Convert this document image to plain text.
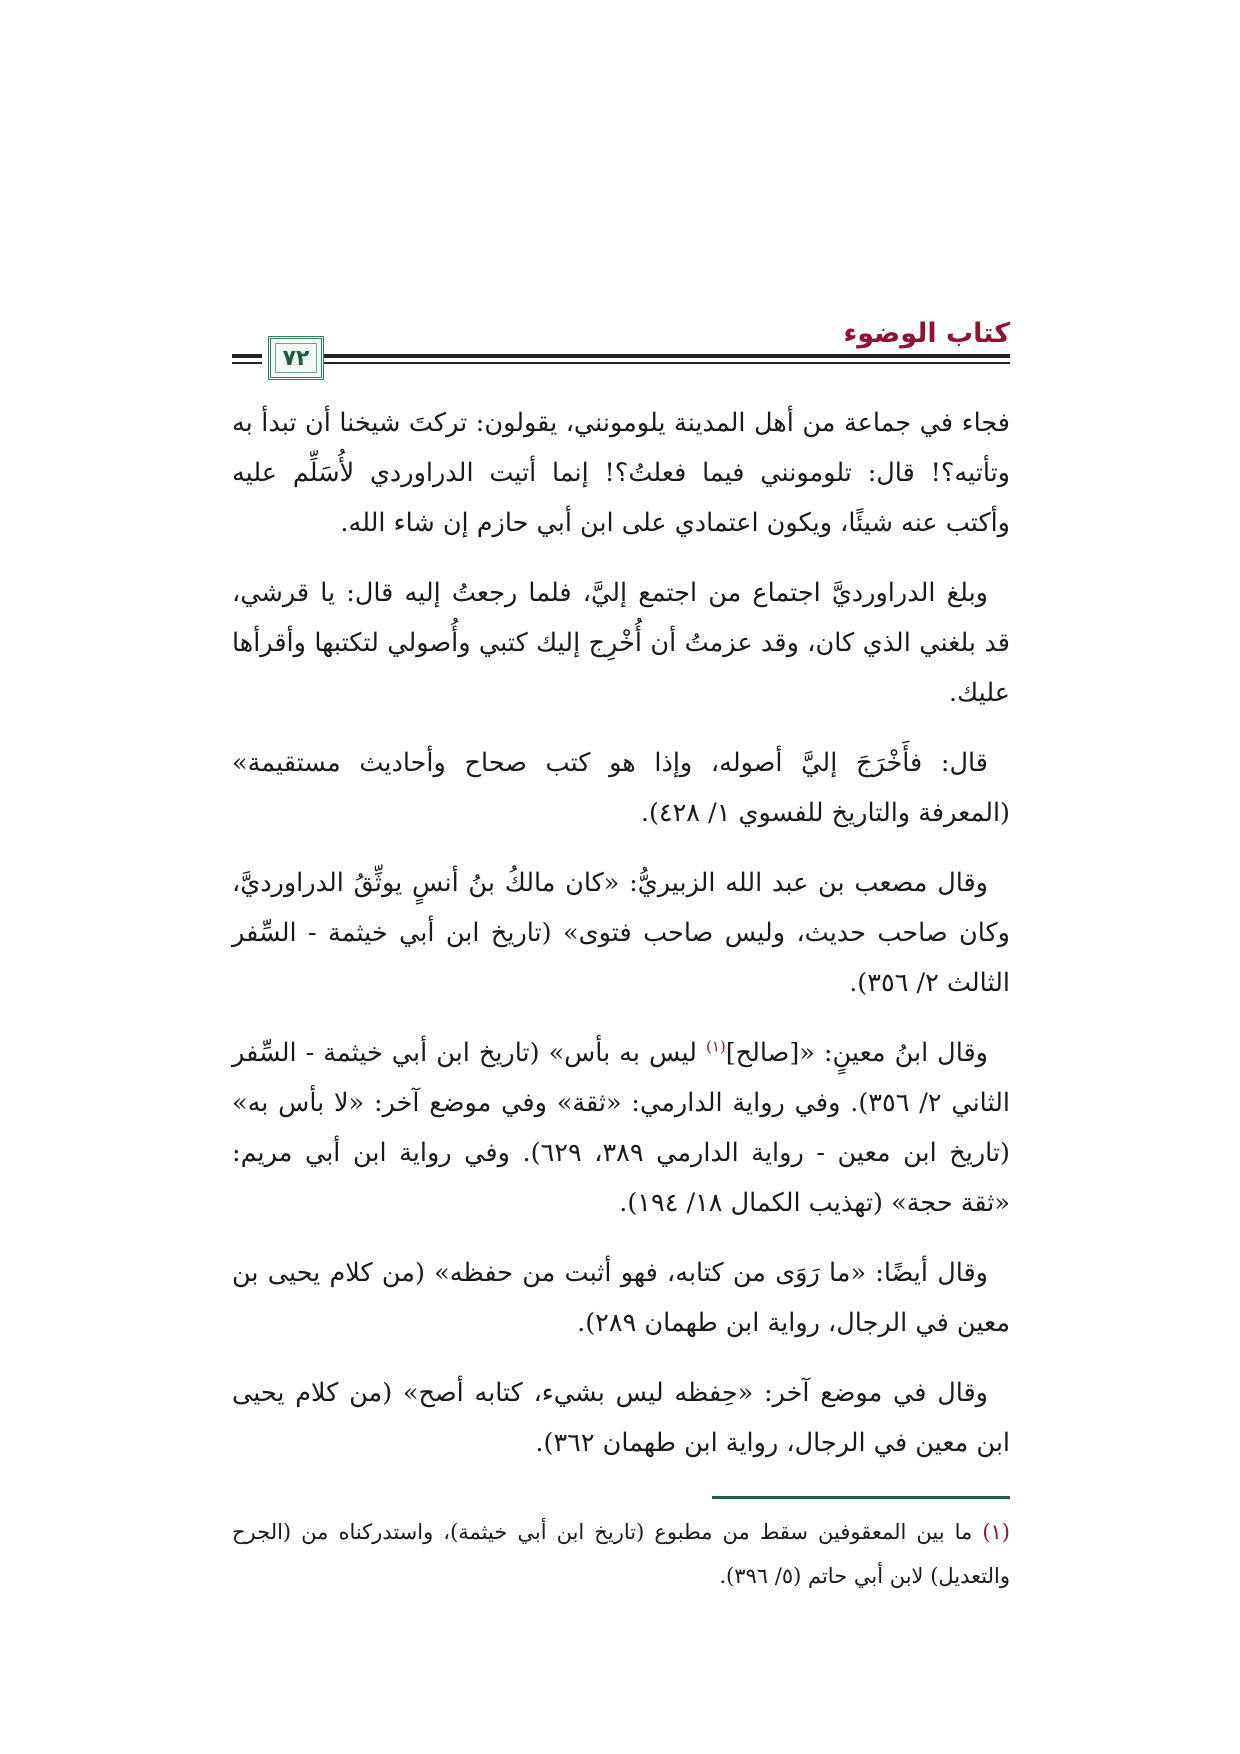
كتاب الوضوء
٧٢

فجاء في جماعة من أهل المدينة يلومونني، يقولون: تركتَ شيخنا أن تبدأ به وتأتيه؟! قال: تلومونني فيما فعلتُ؟! إنما أتيت الدراوردي لأُسَلِّم عليه وأكتب عنه شيئًا، ويكون اعتمادي على ابن أبي حازم إن شاء الله.

وبلغ الدراورديَّ اجتماع من اجتمع إليَّ، فلما رجعتُ إليه قال: يا قرشي، قد بلغني الذي كان، وقد عزمتُ أن أُخْرِج إليك كتبي وأُصولي لتكتبها وأقرأها عليك.

قال: فأَخْرَجَ إليَّ أصوله، وإذا هو كتب صحاح وأحاديث مستقيمة» (المعرفة والتاريخ للفسوي ١/ ٤٢٨).

وقال مصعب بن عبد الله الزبيريُّ: «كان مالكُ بنُ أنسٍ يوثِّقُ الدراورديَّ، وكان صاحب حديث، وليس صاحب فتوى» (تاريخ ابن أبي خيثمة - السِّفر الثالث ٢/ ٣٥٦).

وقال ابنُ معينٍ: «[صالح]$^{(١)}$ ليس به بأس» (تاريخ ابن أبي خيثمة - السِّفر الثاني ٢/ ٣٥٦). وفي رواية الدارمي: «ثقة» وفي موضع آخر: «لا بأس به» (تاريخ ابن معين - رواية الدارمي ٣٨٩، ٦٢٩). وفي رواية ابن أبي مريم: «ثقة حجة» (تهذيب الكمال ١٨/ ١٩٤).

وقال أيضًا: «ما رَوَى من كتابه، فهو أثبت من حفظه» (من كلام يحيى بن معين في الرجال، رواية ابن طهمان ٢٨٩).

وقال في موضع آخر: «حِفظه ليس بشيء، كتابه أصح» (من كلام يحيى ابن معين في الرجال، رواية ابن طهمان ٣٦٢).

(١) ما بين المعقوفين سقط من مطبوع (تاريخ ابن أبي خيثمة)، واستدركناه من (الجرح والتعديل) لابن أبي حاتم (٥/ ٣٩٦).
